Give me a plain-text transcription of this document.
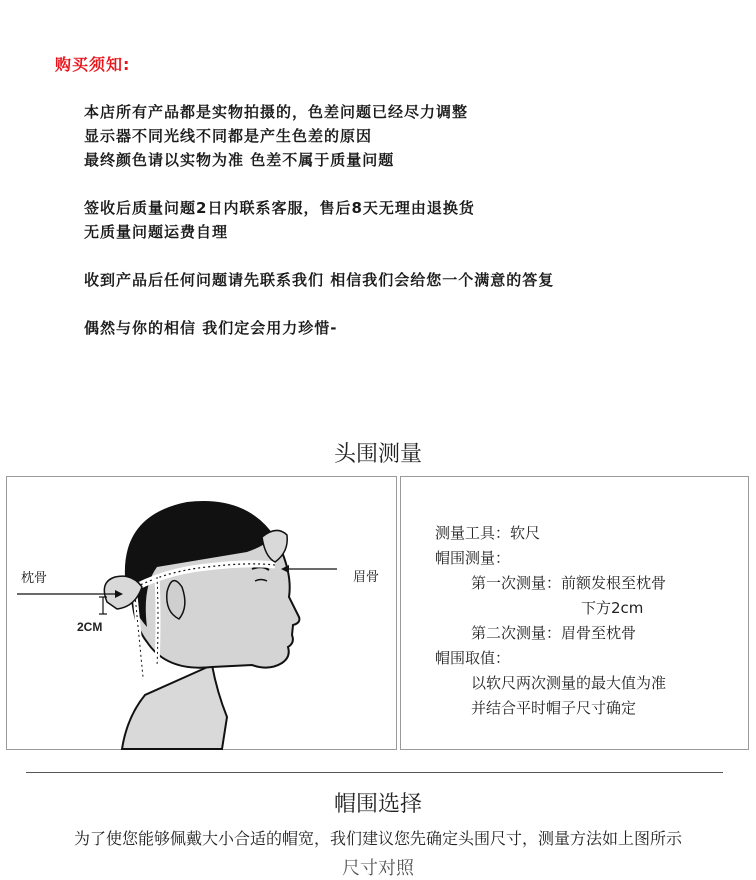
购买须知:
本店所有产品都是实物拍摄的，色差问题已经尽力调整
显示器不同光线不同都是产生色差的原因
最终颜色请以实物为准 色差不属于质量问题
签收后质量问题2日内联系客服，售后8天无理由退换货
无质量问题运费自理
收到产品后任何问题请先联系我们 相信我们会给您一个满意的答复
偶然与你的相信 我们定会用力珍惜-
头围测量
枕骨	眉骨
2CM
测量工具：软尺
帽围测量：
第一次测量：前额发根至枕骨
下方2cm
第二次测量：眉骨至枕骨
帽围取值：
以软尺两次测量的最大值为准
并结合平时帽子尺寸确定
帽围选择
为了使您能够佩戴大小合适的帽宽，我们建议您先确定头围尺寸，测量方法如上图所示
尺寸对照
